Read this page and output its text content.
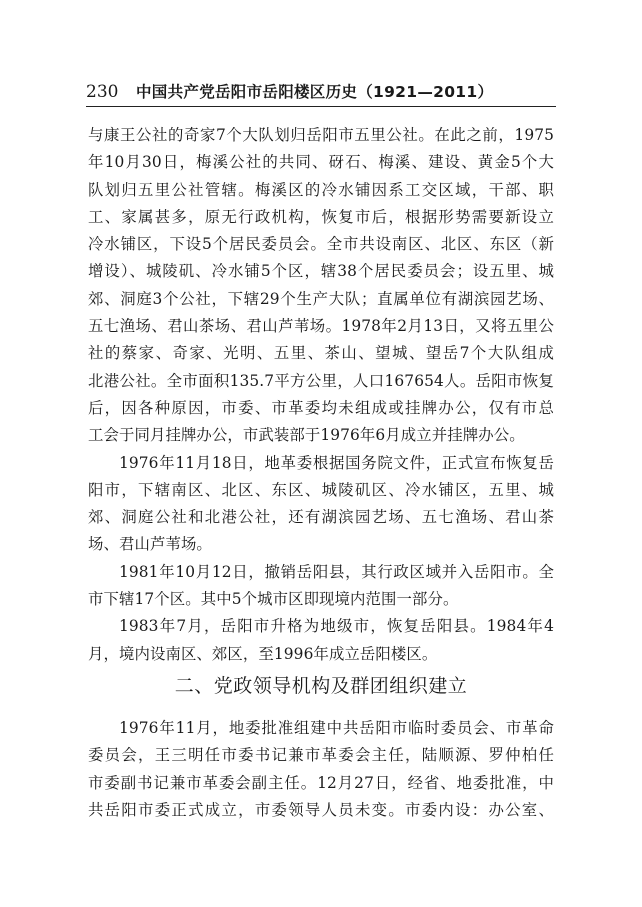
230	中国共产党岳阳市岳阳楼区历史（1921—2011）

与康王公社的奇家7个大队划归岳阳市五里公社。在此之前，1975
年10月30日，梅溪公社的共同、砑石、梅溪、建设、黄金5个大
队划归五里公社管辖。梅溪区的冷水铺因系工交区域，干部、职
工、家属甚多，原无行政机构，恢复市后，根据形势需要新设立
冷水铺区，下设5个居民委员会。全市共设南区、北区、东区（新
增设）、城陵矶、冷水铺5个区，辖38个居民委员会；设五里、城
郊、洞庭3个公社，下辖29个生产大队；直属单位有湖滨园艺场、
五七渔场、君山茶场、君山芦苇场。1978年2月13日，又将五里公
社的蔡家、奇家、光明、五里、茶山、望城、望岳7个大队组成
北港公社。全市面积135.7平方公里，人口167654人。岳阳市恢复
后，因各种原因，市委、市革委均未组成或挂牌办公，仅有市总
工会于同月挂牌办公，市武装部于1976年6月成立并挂牌办公。

1976年11月18日，地革委根据国务院文件，正式宣布恢复岳
阳市，下辖南区、北区、东区、城陵矶区、冷水铺区，五里、城
郊、洞庭公社和北港公社，还有湖滨园艺场、五七渔场、君山茶
场、君山芦苇场。

1981年10月12日，撤销岳阳县，其行政区域并入岳阳市。全
市下辖17个区。其中5个城市区即现境内范围一部分。

1983年7月，岳阳市升格为地级市，恢复岳阳县。1984年4
月，境内设南区、郊区，至1996年成立岳阳楼区。

二、党政领导机构及群团组织建立

1976年11月，地委批准组建中共岳阳市临时委员会、市革命
委员会，王三明任市委书记兼市革委会主任，陆顺源、罗仲柏任
市委副书记兼市革委会副主任。12月27日，经省、地委批准，中
共岳阳市委正式成立，市委领导人员未变。市委内设：办公室、
